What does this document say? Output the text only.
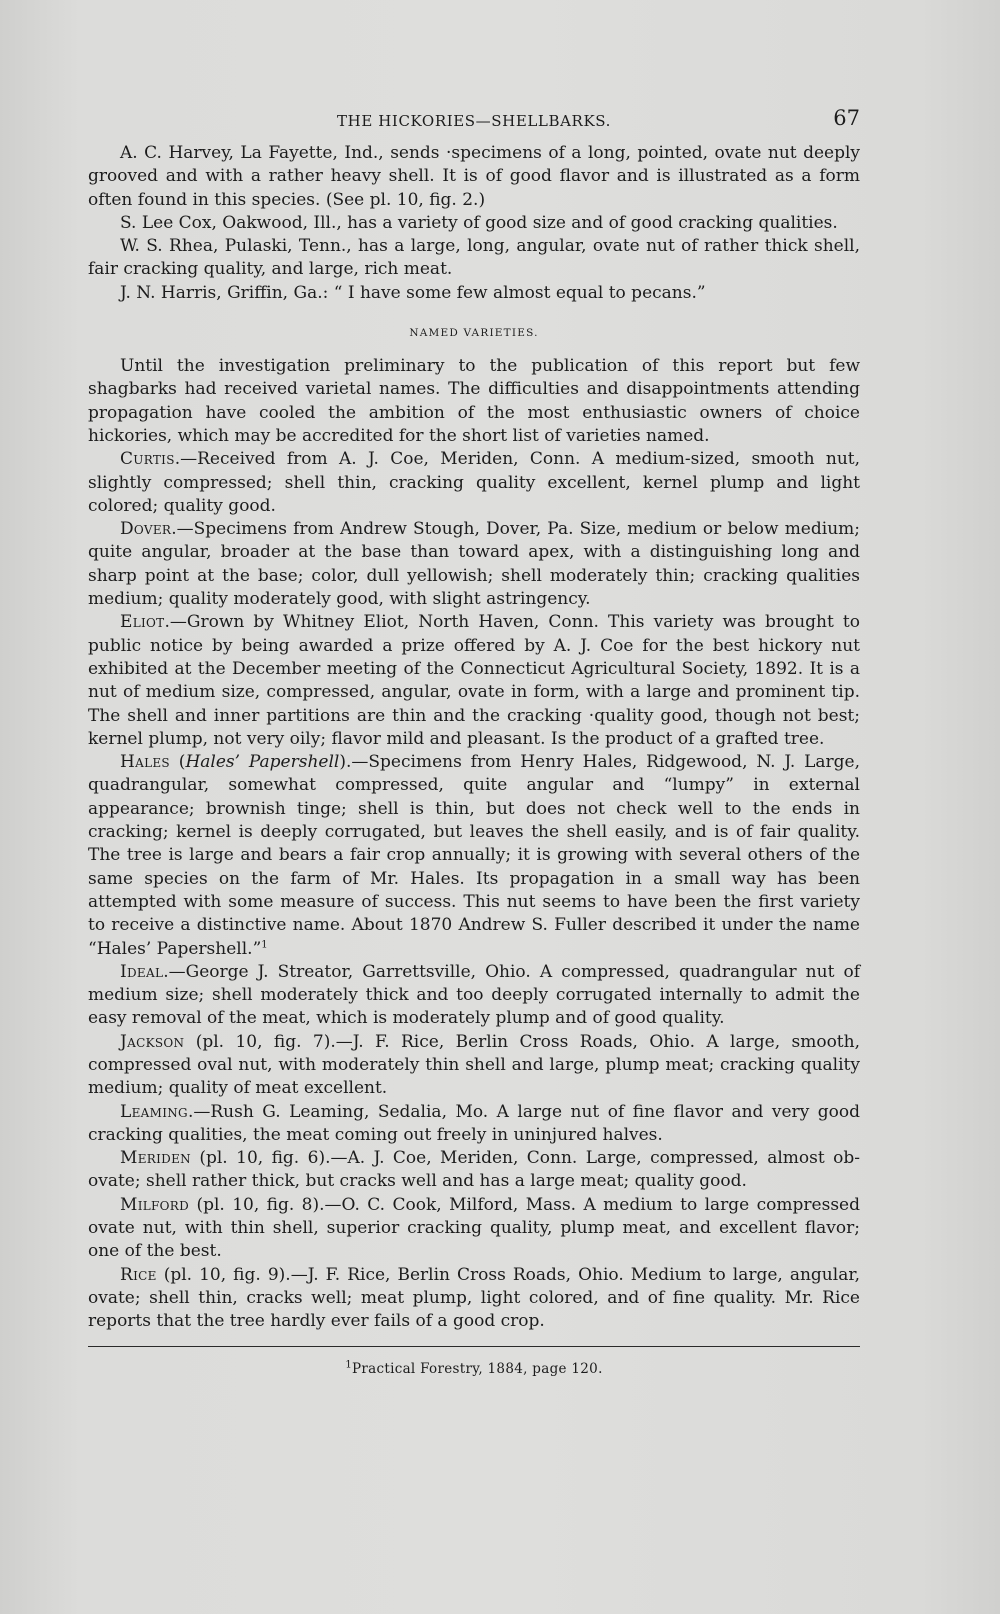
THE HICKORIES—SHELLBARKS.	67

A. C. Harvey, La Fayette, Ind., sends ·specimens of a long, pointed, ovate nut deeply grooved and with a rather heavy shell. It is of good flavor and is illustrated as a form often found in this species. (See pl. 10, fig. 2.)

S. Lee Cox, Oakwood, Ill., has a variety of good size and of good cracking qualities.

W. S. Rhea, Pulaski, Tenn., has a large, long, angular, ovate nut of rather thick shell, fair cracking quality, and large, rich meat.

J. N. Harris, Griffin, Ga.: “ I have some few almost equal to pecans.”

NAMED VARIETIES.

Until the investigation preliminary to the publication of this report but few shagbarks had received varietal names. The difficulties and disappointments attending propagation have cooled the ambition of the most enthusiastic owners of choice hickories, which may be accredited for the short list of varieties named.

Curtis.—Received from A. J. Coe, Meriden, Conn. A medium-sized, smooth nut, slightly compressed; shell thin, cracking quality excellent, kernel plump and light colored; quality good.

Dover.—Specimens from Andrew Stough, Dover, Pa. Size, medium or below medium; quite angular, broader at the base than toward apex, with a distinguishing long and sharp point at the base; color, dull yellowish; shell moderately thin; cracking qualities medium; quality moderately good, with slight astringency.

Eliot.—Grown by Whitney Eliot, North Haven, Conn. This variety was brought to public notice by being awarded a prize offered by A. J. Coe for the best hickory nut exhibited at the December meeting of the Connecticut Agricultural Society, 1892. It is a nut of medium size, compressed, angular, ovate in form, with a large and prominent tip. The shell and inner partitions are thin and the cracking ·quality good, though not best; kernel plump, not very oily; flavor mild and pleasant. Is the product of a grafted tree.

Hales (Hales’ Papershell).—Specimens from Henry Hales, Ridgewood, N. J. Large, quadrangular, somewhat compressed, quite angular and “lumpy” in external appearance; brownish tinge; shell is thin, but does not check well to the ends in cracking; kernel is deeply corrugated, but leaves the shell easily, and is of fair quality. The tree is large and bears a fair crop annually; it is growing with several others of the same species on the farm of Mr. Hales. Its propagation in a small way has been attempted with some measure of success. This nut seems to have been the first variety to receive a distinctive name. About 1870 Andrew S. Fuller described it under the name “Hales’ Papershell.”$^1$

Ideal.—George J. Streator, Garrettsville, Ohio. A compressed, quadrangular nut of medium size; shell moderately thick and too deeply corrugated internally to admit the easy removal of the meat, which is moderately plump and of good quality.

Jackson (pl. 10, fig. 7).—J. F. Rice, Berlin Cross Roads, Ohio. A large, smooth, compressed oval nut, with moderately thin shell and large, plump meat; cracking quality medium; quality of meat excellent.

Leaming.—Rush G. Leaming, Sedalia, Mo. A large nut of fine flavor and very good cracking qualities, the meat coming out freely in uninjured halves.

Meriden (pl. 10, fig. 6).—A. J. Coe, Meriden, Conn. Large, compressed, almost ob-ovate; shell rather thick, but cracks well and has a large meat; quality good.

Milford (pl. 10, fig. 8).—O. C. Cook, Milford, Mass. A medium to large compressed ovate nut, with thin shell, superior cracking quality, plump meat, and excellent flavor; one of the best.

Rice (pl. 10, fig. 9).—J. F. Rice, Berlin Cross Roads, Ohio. Medium to large, angular, ovate; shell thin, cracks well; meat plump, light colored, and of fine quality. Mr. Rice reports that the tree hardly ever fails of a good crop.

$^1$Practical Forestry, 1884, page 120.
